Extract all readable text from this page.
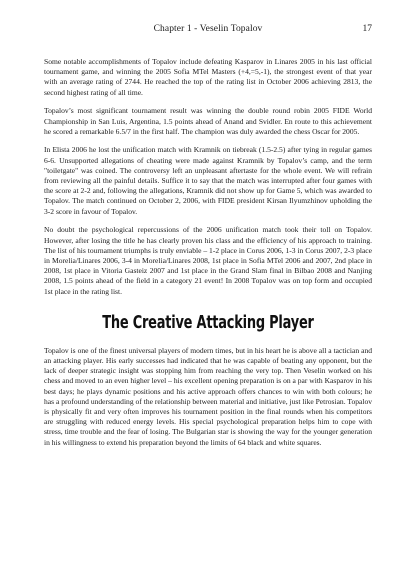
Chapter 1 - Veselin Topalov	17

Some notable accomplishments of Topalov include defeating Kasparov in Linares 2005 in his last official tournament game, and winning the 2005 Sofia MTel Masters (+4,=5,-1), the strongest event of that year with an average rating of 2744. He reached the top of the rating list in October 2006 achieving 2813, the second highest rating of all time.

Topalov’s most significant tournament result was winning the double round robin 2005 FIDE World Championship in San Luis, Argentina, 1.5 points ahead of Anand and Svidler. En route to this achievement he scored a remarkable 6.5/7 in the first half. The champion was duly awarded the chess Oscar for 2005.

In Elista 2006 he lost the unification match with Kramnik on tiebreak (1.5-2.5) after tying in regular games 6-6. Unsupported allegations of cheating were made against Kramnik by Topalov’s camp, and the term "toiletgate" was coined. The controversy left an unpleasant aftertaste for the whole event. We will refrain from reviewing all the painful details. Suffice it to say that the match was interrupted after four games with the score at 2-2 and, following the allegations, Kramnik did not show up for Game 5, which was awarded to Topalov. The match continued on October 2, 2006, with FIDE president Kirsan Ilyumzhinov upholding the 3-2 score in favour of Topalov.

No doubt the psychological repercussions of the 2006 unification match took their toll on Topalov. However, after losing the title he has clearly proven his class and the efficiency of his approach to training. The list of his tournament triumphs is truly enviable – 1-2 place in Corus 2006, 1-3 in Corus 2007, 2-3 place in Morelia/Linares 2006, 3-4 in Morelia/Linares 2008, 1st place in Sofia MTel 2006 and 2007, 2nd place in 2008, 1st place in Vitoria Gasteiz 2007 and 1st place in the Grand Slam final in Bilbao 2008 and Nanjing 2008, 1.5 points ahead of the field in a category 21 event! In 2008 Topalov was on top form and occupied 1st place in the rating list.

The Creative Attacking Player

Topalov is one of the finest universal players of modern times, but in his heart he is above all a tactician and an attacking player. His early successes had indicated that he was capable of beating any opponent, but the lack of deeper strategic insight was stopping him from reaching the very top. Then Veselin worked on his chess and moved to an even higher level – his excellent opening preparation is on a par with Kasparov in his best days; he plays dynamic positions and his active approach offers chances to win with both colours; he has a profound understanding of the relationship between material and initiative, just like Petrosian. Topalov is physically fit and very often improves his tournament position in the final rounds when his competitors are struggling with reduced energy levels. His special psychological preparation helps him to cope with stress, time trouble and the fear of losing. The Bulgarian star is showing the way for the younger generation in his willingness to extend his preparation beyond the limits of 64 black and white squares.
